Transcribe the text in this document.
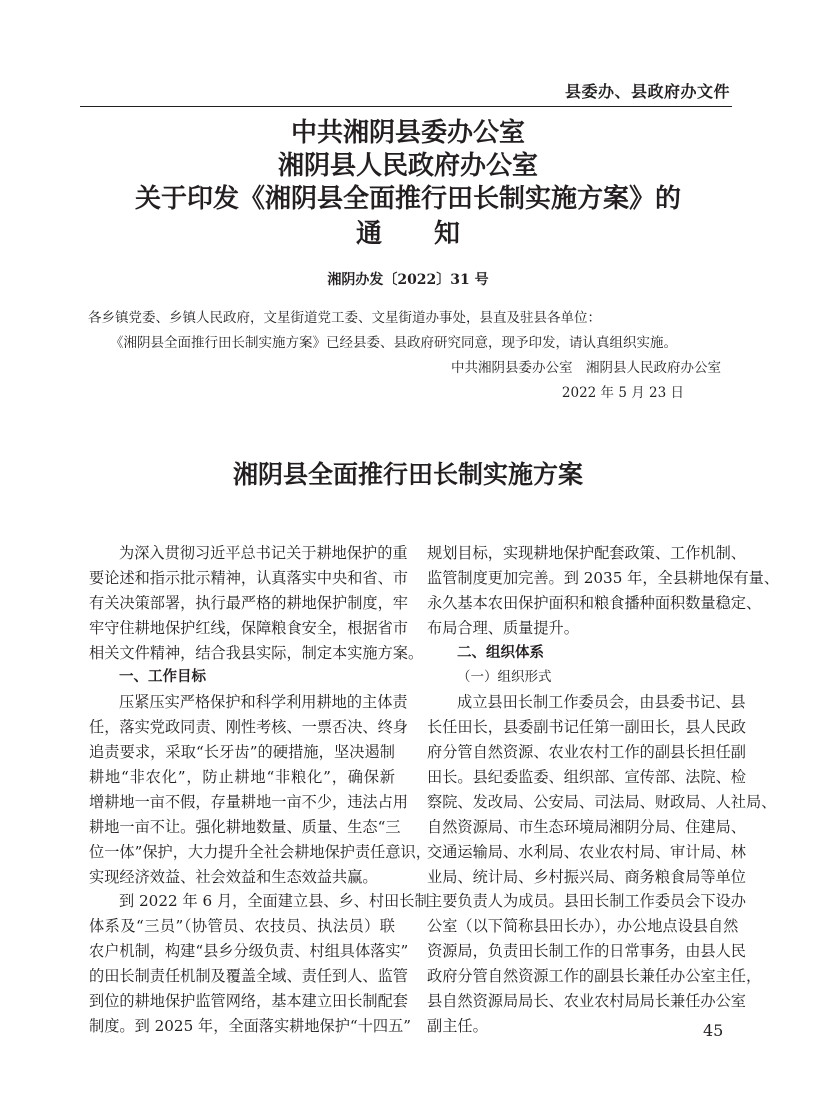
县委办、县政府办文件
中共湘阴县委办公室
湘阴县人民政府办公室
关于印发《湘阴县全面推行田长制实施方案》的
通　　知
湘阴办发〔2022〕31 号
各乡镇党委、乡镇人民政府，文星街道党工委、文星街道办事处，县直及驻县各单位：
《湘阴县全面推行田长制实施方案》已经县委、县政府研究同意，现予印发，请认真组织实施。
中共湘阴县委办公室　湘阴县人民政府办公室
2022 年 5 月 23 日
湘阴县全面推行田长制实施方案
为深入贯彻习近平总书记关于耕地保护的重
要论述和指示批示精神，认真落实中央和省、市
有关决策部署，执行最严格的耕地保护制度，牢
牢守住耕地保护红线，保障粮食安全，根据省市
相关文件精神，结合我县实际，制定本实施方案。
一、工作目标
压紧压实严格保护和科学利用耕地的主体责
任，落实党政同责、刚性考核、一票否决、终身
追责要求，采取“长牙齿”的硬措施，坚决遏制
耕地“非农化”，防止耕地“非粮化”，确保新
增耕地一亩不假，存量耕地一亩不少，违法占用
耕地一亩不让。强化耕地数量、质量、生态“三
位一体”保护，大力提升全社会耕地保护责任意识，
实现经济效益、社会效益和生态效益共赢。
到 2022 年 6 月，全面建立县、乡、村田长制
体系及“三员”（协管员、农技员、执法员）联
农户机制，构建“县乡分级负责、村组具体落实”
的田长制责任机制及覆盖全域、责任到人、监管
到位的耕地保护监管网络，基本建立田长制配套
制度。到 2025 年，全面落实耕地保护“十四五”
规划目标，实现耕地保护配套政策、工作机制、
监管制度更加完善。到 2035 年，全县耕地保有量、
永久基本农田保护面积和粮食播种面积数量稳定、
布局合理、质量提升。
二、组织体系
（一）组织形式
成立县田长制工作委员会，由县委书记、县
长任田长，县委副书记任第一副田长，县人民政
府分管自然资源、农业农村工作的副县长担任副
田长。县纪委监委、组织部、宣传部、法院、检
察院、发改局、公安局、司法局、财政局、人社局、
自然资源局、市生态环境局湘阴分局、住建局、
交通运输局、水利局、农业农村局、审计局、林
业局、统计局、乡村振兴局、商务粮食局等单位
主要负责人为成员。县田长制工作委员会下设办
公室（以下简称县田长办），办公地点设县自然
资源局，负责田长制工作的日常事务，由县人民
政府分管自然资源工作的副县长兼任办公室主任，
县自然资源局局长、农业农村局局长兼任办公室
副主任。	45
